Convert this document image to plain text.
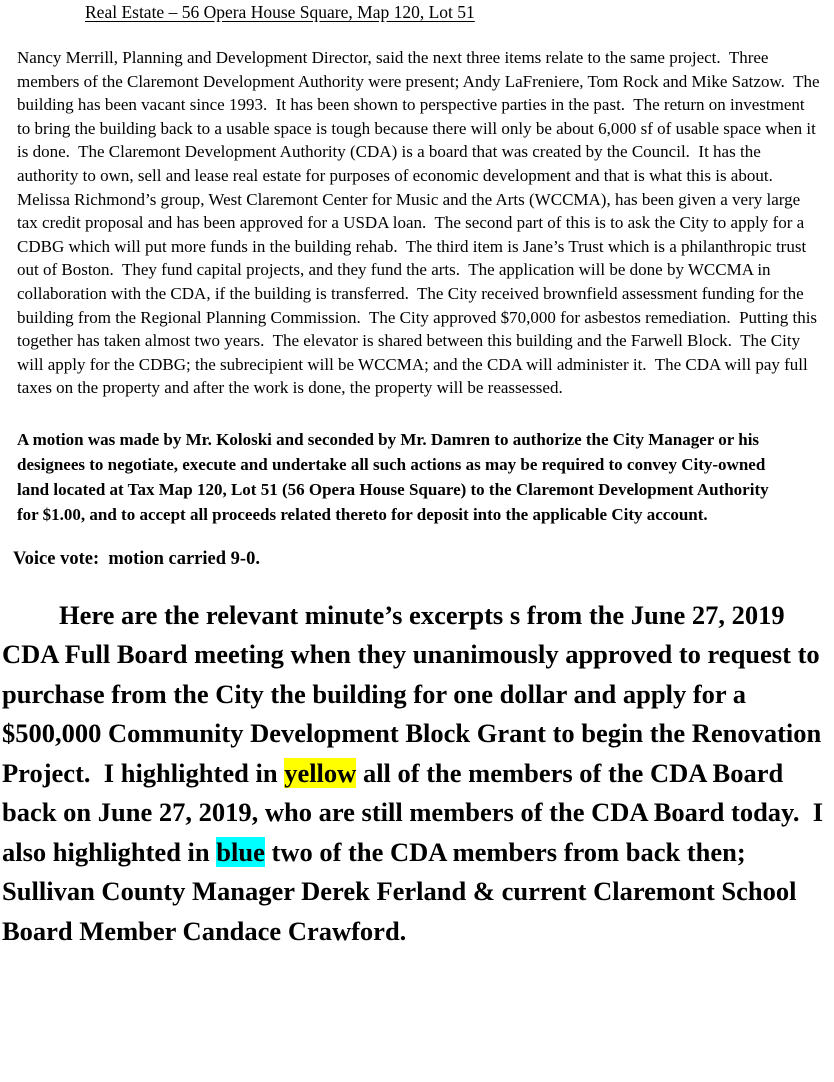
Real Estate – 56 Opera House Square, Map 120, Lot 51

Nancy Merrill, Planning and Development Director, said the next three items relate to the same project.  Three members of the Claremont Development Authority were present; Andy LaFreniere, Tom Rock and Mike Satzow.  The building has been vacant since 1993.  It has been shown to perspective parties in the past.  The return on investment to bring the building back to a usable space is tough because there will only be about 6,000 sf of usable space when it is done.  The Claremont Development Authority (CDA) is a board that was created by the Council.  It has the authority to own, sell and lease real estate for purposes of economic development and that is what this is about.  Melissa Richmond’s group, West Claremont Center for Music and the Arts (WCCMA), has been given a very large tax credit proposal and has been approved for a USDA loan.  The second part of this is to ask the City to apply for a CDBG which will put more funds in the building rehab.  The third item is Jane’s Trust which is a philanthropic trust out of Boston.  They fund capital projects, and they fund the arts.  The application will be done by WCCMA in collaboration with the CDA, if the building is transferred.  The City received brownfield assessment funding for the building from the Regional Planning Commission.  The City approved $70,000 for asbestos remediation.  Putting this together has taken almost two years.  The elevator is shared between this building and the Farwell Block.  The City will apply for the CDBG; the subrecipient will be WCCMA; and the CDA will administer it.  The CDA will pay full taxes on the property and after the work is done, the property will be reassessed.

A motion was made by Mr. Koloski and seconded by Mr. Damren to authorize the City Manager or his designees to negotiate, execute and undertake all such actions as may be required to convey City-owned land located at Tax Map 120, Lot 51 (56 Opera House Square) to the Claremont Development Authority for $1.00, and to accept all proceeds related thereto for deposit into the applicable City account.

Voice vote:  motion carried 9-0.

Here are the relevant minute’s excerpts s from the June 27, 2019 CDA Full Board meeting when they unanimously approved to request to purchase from the City the building for one dollar and apply for a $500,000 Community Development Block Grant to begin the Renovation Project.  I highlighted in yellow all of the members of the CDA Board back on June 27, 2019, who are still members of the CDA Board today.  I also highlighted in blue two of the CDA members from back then; Sullivan County Manager Derek Ferland & current Claremont School Board Member Candace Crawford.
